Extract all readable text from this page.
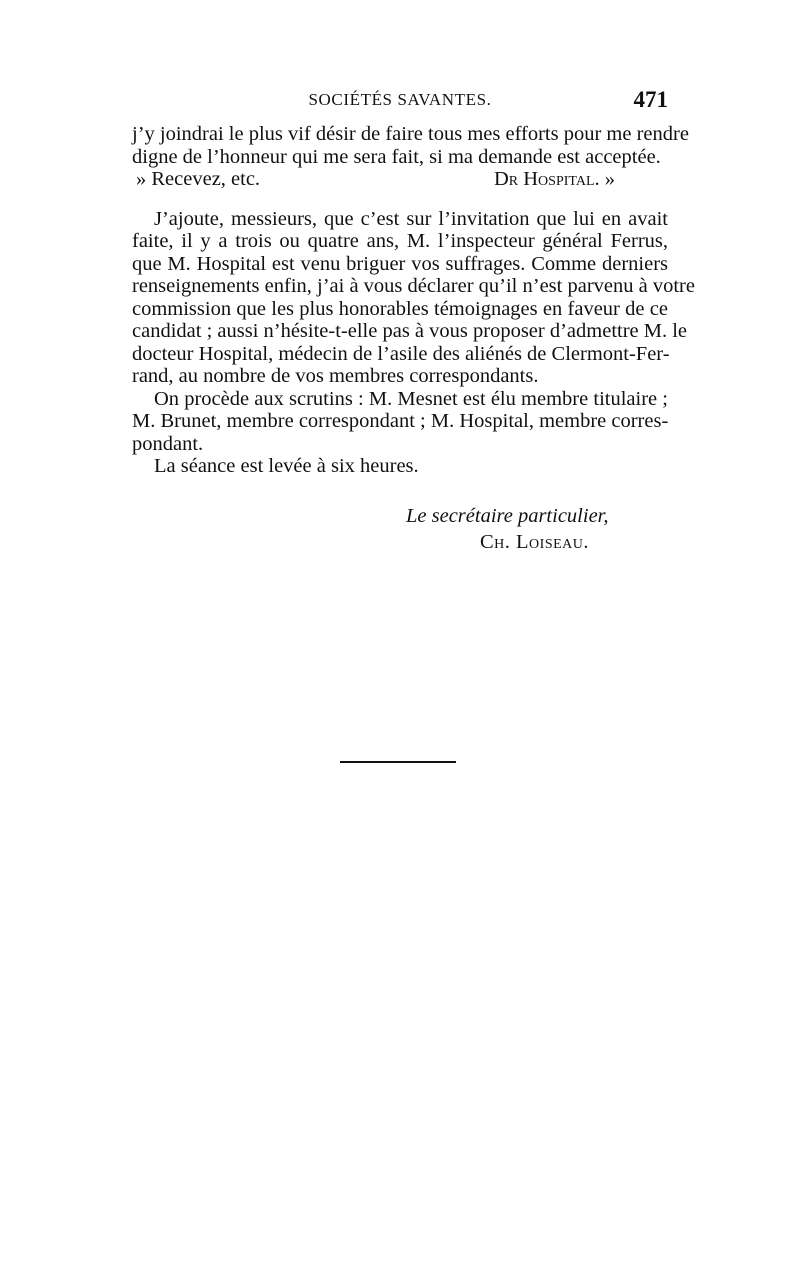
SOCIÉTÉS SAVANTES.	471
j’y joindrai le plus vif désir de faire tous mes efforts pour me rendre
digne de l’honneur qui me sera fait, si ma demande est acceptée.
» Recevez, etc.	Dr Hospital. »
J’ajoute, messieurs, que c’est sur l’invitation que lui en avait
faite, il y a trois ou quatre ans, M. l’inspecteur général Ferrus,
que M. Hospital est venu briguer vos suffrages. Comme derniers
renseignements enfin, j’ai à vous déclarer qu’il n’est parvenu à votre
commission que les plus honorables témoignages en faveur de ce
candidat ; aussi n’hésite-t-elle pas à vous proposer d’admettre M. le
docteur Hospital, médecin de l’asile des aliénés de Clermont-Fer-
rand, au nombre de vos membres correspondants.
On procède aux scrutins : M. Mesnet est élu membre titulaire ;
M. Brunet, membre correspondant ; M. Hospital, membre corres-
pondant.
La séance est levée à six heures.
Le secrétaire particulier,
Ch. Loiseau.
